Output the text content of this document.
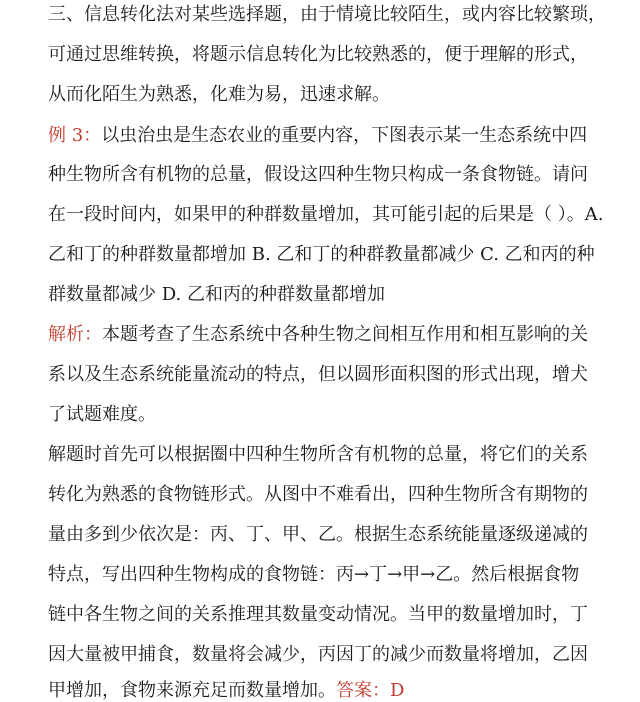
三、信息转化法对某些选择题，由于情境比较陌生，或内容比较繁琐，
可通过思维转换，将题示信息转化为比较熟悉的，便于理解的形式，
从而化陌生为熟悉，化难为易，迅速求解。
例 3：以虫治虫是生态农业的重要内容，下图表示某一生态系统中四
种生物所含有机物的总量，假设这四种生物只构成一条食物链。请问
在一段时间内，如果甲的种群数量增加，其可能引起的后果是（ ）。A.
乙和丁的种群数量都增加 B. 乙和丁的种群教量都减少 C. 乙和丙的种
群数量都减少 D. 乙和丙的种群数量都增加
解析：本题考查了生态系统中各种生物之间相互作用和相互影响的关
系以及生态系统能量流动的特点，但以圆形面积图的形式出现，增犬
了试题难度。
解题时首先可以根据圈中四种生物所含有机物的总量，将它们的关系
转化为熟悉的食物链形式。从图中不难看出，四种生物所含有期物的
量由多到少依次是：丙、丁、甲、乙。根据生态系统能量逐级递减的
特点，写出四种生物构成的食物链：丙→丁→甲→乙。然后根据食物
链中各生物之间的关系推理其数量变动情况。当甲的数量增加时，丁
因大量被甲捕食，数量将会减少，丙因丁的减少而数量将增加，乙因
甲增加，食物来源充足而数量增加。答案：D
